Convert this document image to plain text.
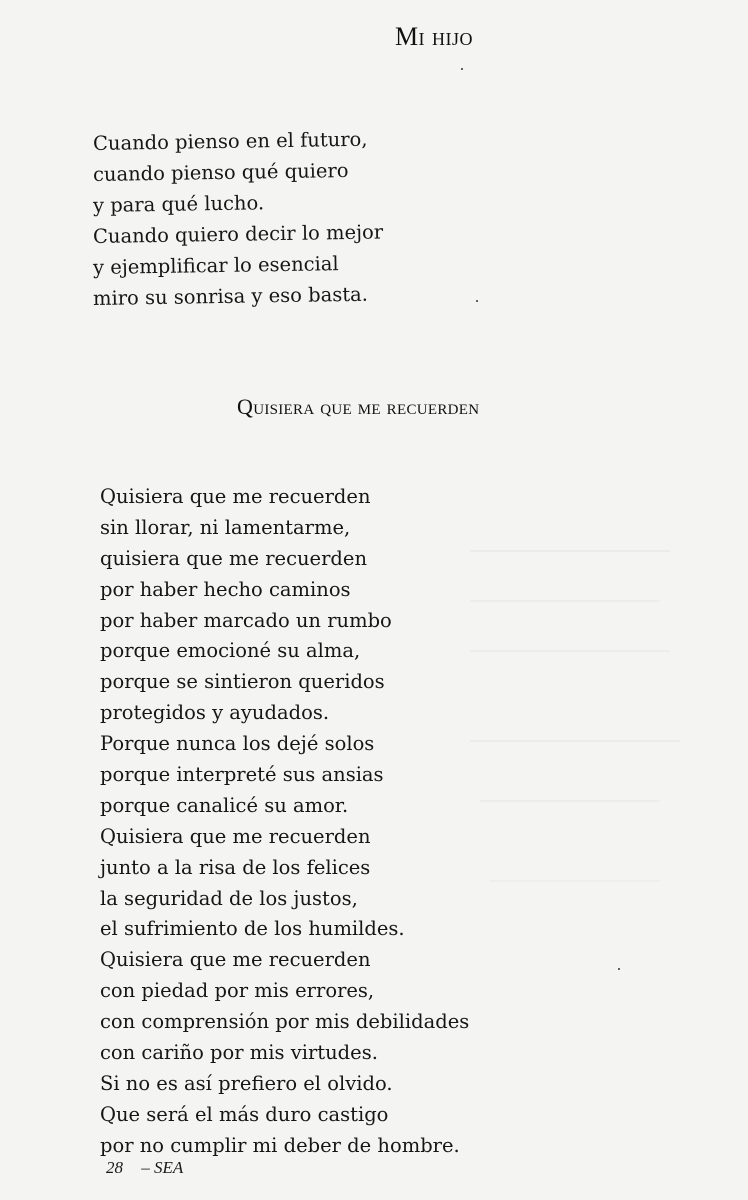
Mi hijo
Cuando pienso en el futuro,
cuando pienso qué quiero
y para qué lucho.
Cuando quiero decir lo mejor
y ejemplificar lo esencial
miro su sonrisa y eso basta.
Quisiera que me recuerden
Quisiera que me recuerden
sin llorar, ni lamentarme,
quisiera que me recuerden
por haber hecho caminos
por haber marcado un rumbo
porque emocioné su alma,
porque se sintieron queridos
protegidos y ayudados.
Porque nunca los dejé solos
porque interpreté sus ansias
porque canalicé su amor.
Quisiera que me recuerden
junto a la risa de los felices
la seguridad de los justos,
el sufrimiento de los humildes.
Quisiera que me recuerden
con piedad por mis errores,
con comprensión por mis debilidades
con cariño por mis virtudes.
Si no es así prefiero el olvido.
Que será el más duro castigo
por no cumplir mi deber de hombre.
28 – SEA
